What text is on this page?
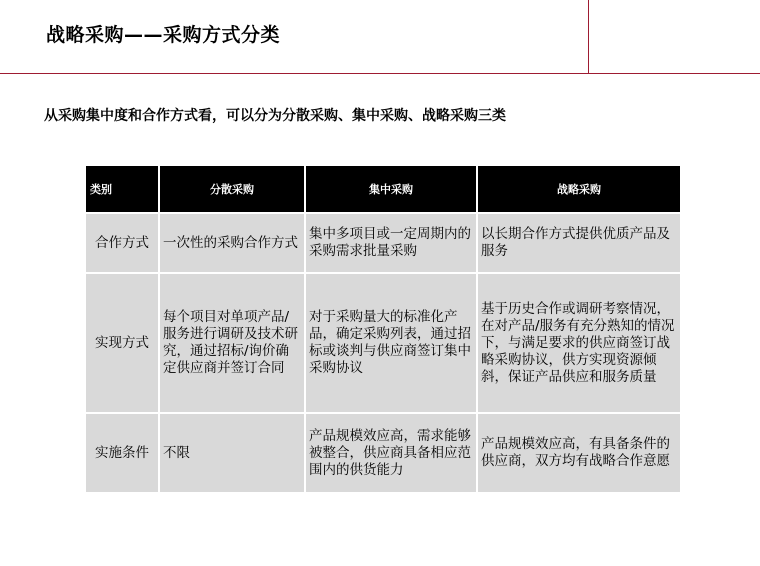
战略采购——采购方式分类
从采购集中度和合作方式看，可以分为分散采购、集中采购、战略采购三类
类别	分散采购	集中采购	战略采购
合作方式	一次性的采购合作方式	集中多项目或一定周期内的采购需求批量采购	以长期合作方式提供优质产品及服务
实现方式	每个项目对单项产品/服务进行调研及技术研究，通过招标/询价确定供应商并签订合同	对于采购量大的标准化产品，确定采购列表，通过招标或谈判与供应商签订集中采购协议	基于历史合作或调研考察情况，在对产品/服务有充分熟知的情况下，与满足要求的供应商签订战略采购协议，供方实现资源倾斜，保证产品供应和服务质量
实施条件	不限	产品规模效应高，需求能够被整合，供应商具备相应范围内的供货能力	产品规模效应高，有具备条件的供应商，双方均有战略合作意愿
